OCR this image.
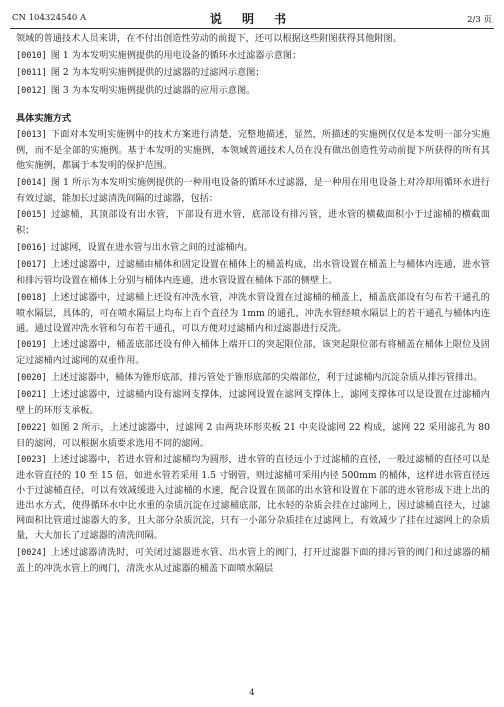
CN 104324540 A	说 明 书	2/3 页

领域的普通技术人员来讲，在不付出创造性劳动的前提下，还可以根据这些附图获得其他附图。

[0010] 图 1 为本发明实施例提供的用电设备的循环水过滤器示意图；

[0011] 图 2 为本发明实施例提供的过滤器的过滤网示意图；

[0012] 图 3 为本发明实施例提供的过滤器的应用示意图。

具体实施方式

[0013] 下面对本发明实施例中的技术方案进行清楚、完整地描述，显然，所描述的实施例仅仅是本发明一部分实施例，而不是全部的实施例。基于本发明的实施例，本领域普通技术人员在没有做出创造性劳动前提下所获得的所有其他实施例，都属于本发明的保护范围。

[0014] 图 1 所示为本发明实施例提供的一种用电设备的循环水过滤器，是一种用在用电设备上对冷却用循环水进行有效过滤，能加长过滤清洗间隔的过滤器，包括：

[0015] 过滤桶，其顶部设有出水管，下部设有进水管，底部设有排污管，进水管的横截面积小于过滤桶的横截面积；

[0016] 过滤网，设置在进水管与出水管之间的过滤桶内。

[0017] 上述过滤器中，过滤桶由桶体和固定设置在桶体上的桶盖构成，出水管设置在桶盖上与桶体内连通，进水管和排污管均设置在桶体上分别与桶体内连通，进水管设置在桶体下部的侧壁上。

[0018] 上述过滤器中，过滤桶上还设有冲洗水管，冲洗水管设置在过滤桶的桶盖上，桶盖底部设有匀布若干通孔的喷水隔层，具体的，可在喷水隔层上均布上百个直径为 1mm 的通孔，冲洗水管经喷水隔层上的若干通孔与桶体内连通。通过设置冲洗水管和匀布若干通孔，可以方便对过滤桶内和过滤器进行反洗。

[0019] 上述过滤器中，桶盖底部还设有伸入桶体上端开口的突起限位部，该突起限位部有将桶盖在桶体上限位及固定过滤桶内过滤网的双重作用。

[0020] 上述过滤器中，桶体为锥形底部，排污管处于锥形底部的尖端部位，利于过滤桶内沉淀杂质从排污管排出。

[0021] 上述过滤器中，过滤桶内设有滤网支撑体，过滤网设置在滤网支撑体上，滤网支撑体可以是设置在过滤桶内壁上的环形支承板。

[0022] 如图 2 所示，上述过滤器中，过滤网 2 由两块环形夹板 21 中夹设滤网 22 构成，滤网 22 采用滤孔为 80 目的滤网，可以根据水质要求选用不同的滤网。

[0023] 上述过滤器中，若进水管和过滤桶均为圆形，进水管的直径远小于过滤桶的直径，一般过滤桶的直径可以是进水管直径的 10 至 15 倍，如进水管若采用 1.5 寸钢管，则过滤桶可采用内径 500mm 的桶体，这样进水管直径远小于过滤桶直径，可以有效减缓进入过滤桶的水速，配合设置在顶部的出水管和设置在下部的进水管形成下进上出的进出水方式，使得循环水中比水重的杂质沉淀在过滤桶底部，比水轻的杂质会挂在过滤网上，因过滤桶直径大，过滤网面积比管道过滤器大的多，且大部分杂质沉淀，只有一小部分杂质挂在过滤网上，有效减少了挂在过滤网上的杂质量，大大加长了过滤器的清洗间隔。

[0024] 上述过滤器清洗时，可关闭过滤器进水管、出水管上的阀门，打开过滤器下面的排污管的阀门和过滤器的桶盖上的冲洗水管上的阀门，清洗水从过滤器的桶盖下面喷水隔层

4
